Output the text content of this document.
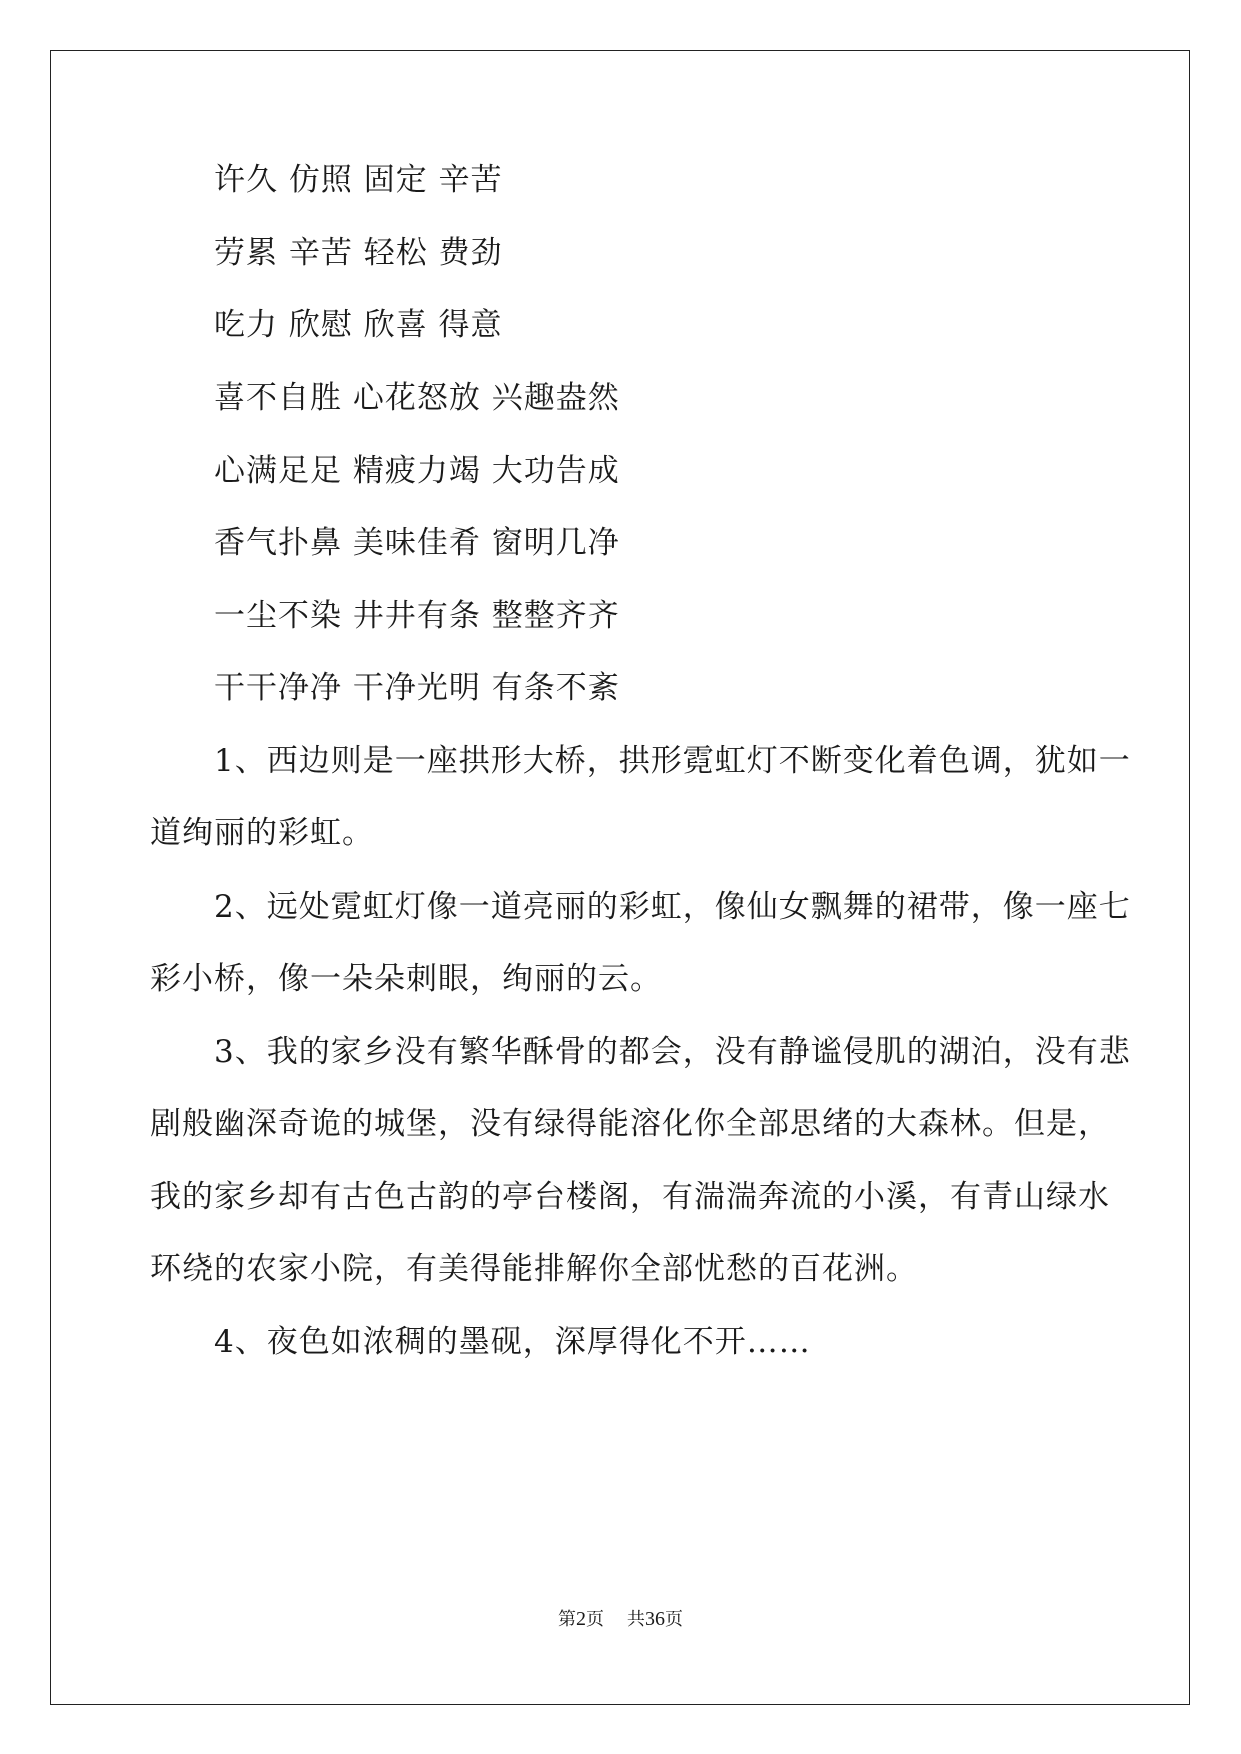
许久 仿照 固定 辛苦
劳累 辛苦 轻松 费劲
吃力 欣慰 欣喜 得意
喜不自胜 心花怒放 兴趣盎然
心满足足 精疲力竭 大功告成
香气扑鼻 美味佳肴 窗明几净
一尘不染 井井有条 整整齐齐
干干净净 干净光明 有条不紊
1、西边则是一座拱形大桥，拱形霓虹灯不断变化着色调，犹如一
道绚丽的彩虹。
2、远处霓虹灯像一道亮丽的彩虹，像仙女飘舞的裙带，像一座七
彩小桥，像一朵朵刺眼，绚丽的云。
3、我的家乡没有繁华酥骨的都会，没有静谧侵肌的湖泊，没有悲
剧般幽深奇诡的城堡，没有绿得能溶化你全部思绪的大森林。但是，
我的家乡却有古色古韵的亭台楼阁，有湍湍奔流的小溪，有青山绿水
环绕的农家小院，有美得能排解你全部忧愁的百花洲。
4、夜色如浓稠的墨砚，深厚得化不开……
第2页    共36页
